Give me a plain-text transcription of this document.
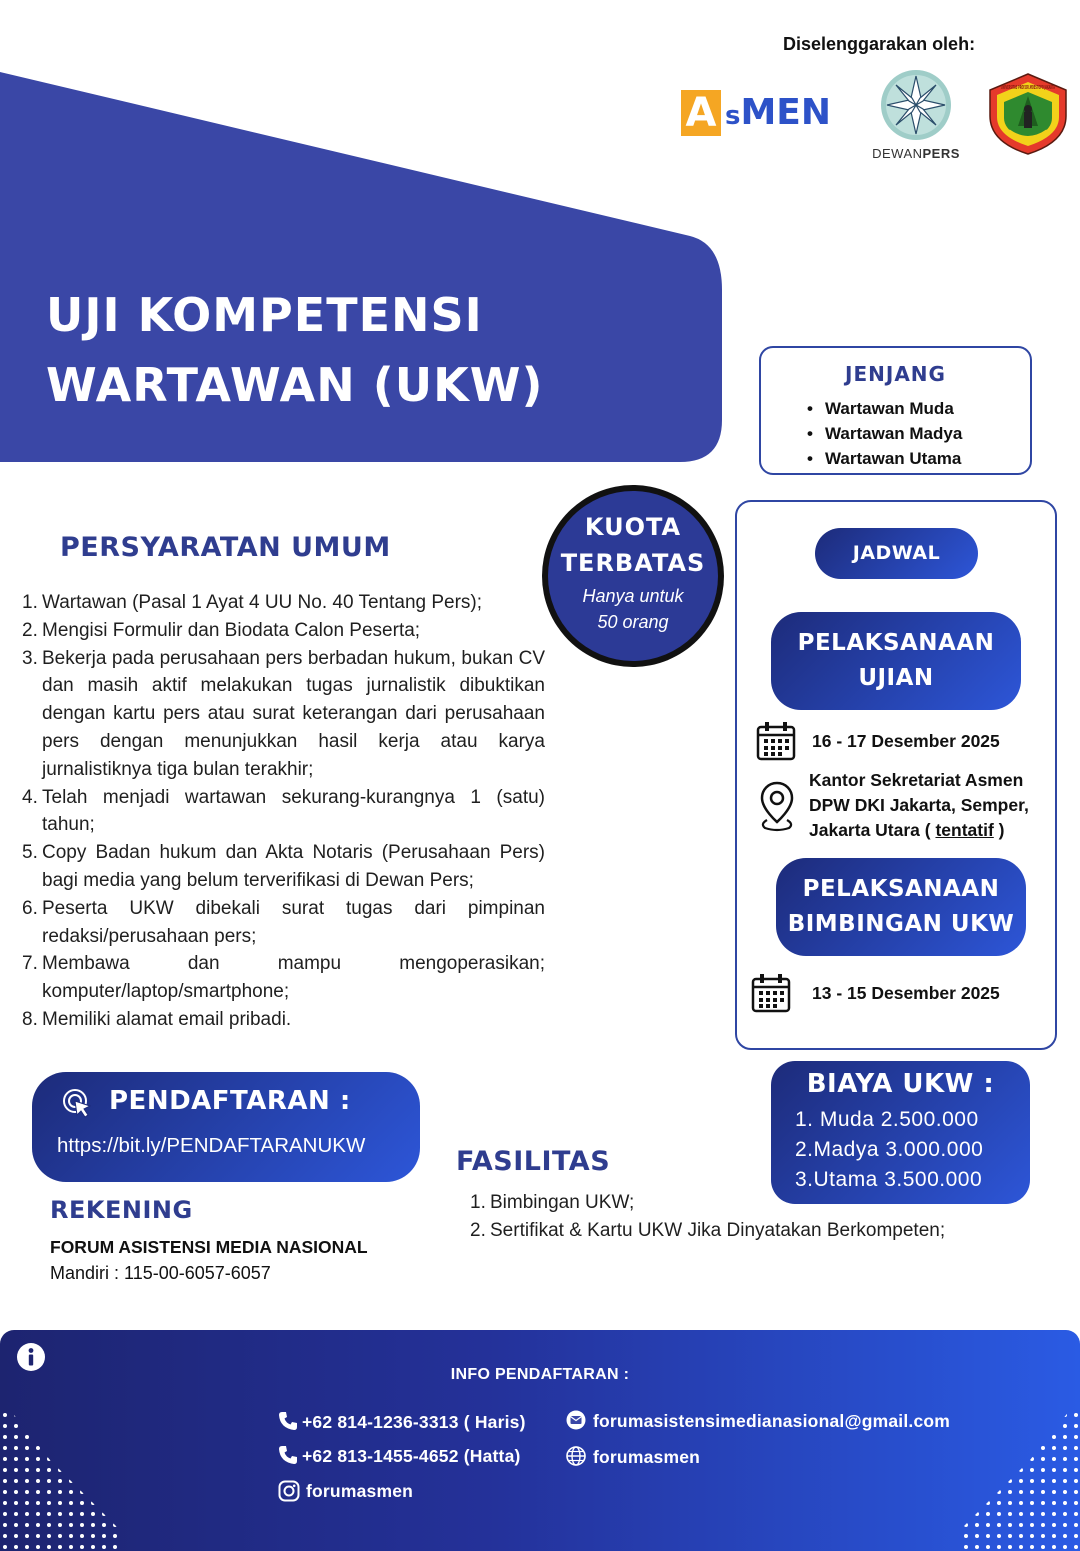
UJI KOMPETENSI
WARTAWAN (UKW)
Diselenggarakan oleh:
A sMEN
DEWANPERS
UNIVERSITAS PROF.DR.MOESTOPO JAKARTA
JENJANG
• Wartawan Muda
• Wartawan Madya
• Wartawan Utama
KUOTA
TERBATAS
Hanya untuk
50 orang
PERSYARATAN UMUM
1. Wartawan (Pasal 1 Ayat 4 UU No. 40 Tentang Pers);
2. Mengisi Formulir dan Biodata Calon Peserta;
3. Bekerja pada perusahaan pers berbadan hukum, bukan CV dan masih aktif melakukan tugas jurnalistik dibuktikan dengan kartu pers atau surat keterangan dari perusahaan pers dengan menunjukkan hasil kerja atau karya jurnalistiknya tiga bulan terakhir;
4. Telah menjadi wartawan sekurang-kurangnya 1 (satu) tahun;
5. Copy Badan hukum dan Akta Notaris (Perusahaan Pers) bagi media yang belum terverifikasi di Dewan Pers;
6. Peserta UKW dibekali surat tugas dari pimpinan redaksi/perusahaan pers;
7. Membawa dan mampu mengoperasikan; komputer/laptop/smartphone;
8. Memiliki alamat email pribadi.
JADWAL
PELAKSANAAN
UJIAN
16 - 17 Desember 2025
Kantor Sekretariat Asmen
DPW DKI Jakarta, Semper,
Jakarta Utara ( tentatif )
PELAKSANAAN
BIMBINGAN UKW
13 - 15 Desember 2025
BIAYA UKW :
1. Muda 2.500.000
2.Madya 3.000.000
3.Utama 3.500.000
PENDAFTARAN :
https://bit.ly/PENDAFTARANUKW
FASILITAS
1. Bimbingan UKW;
2. Sertifikat & Kartu UKW Jika Dinyatakan Berkompeten;
REKENING
FORUM ASISTENSI MEDIA NASIONAL
Mandiri : 115-00-6057-6057
INFO PENDAFTARAN :
+62 814-1236-3313 ( Haris)
+62 813-1455-4652 (Hatta)
forumasmen
forumasistensimedianasional@gmail.com
forumasmen
